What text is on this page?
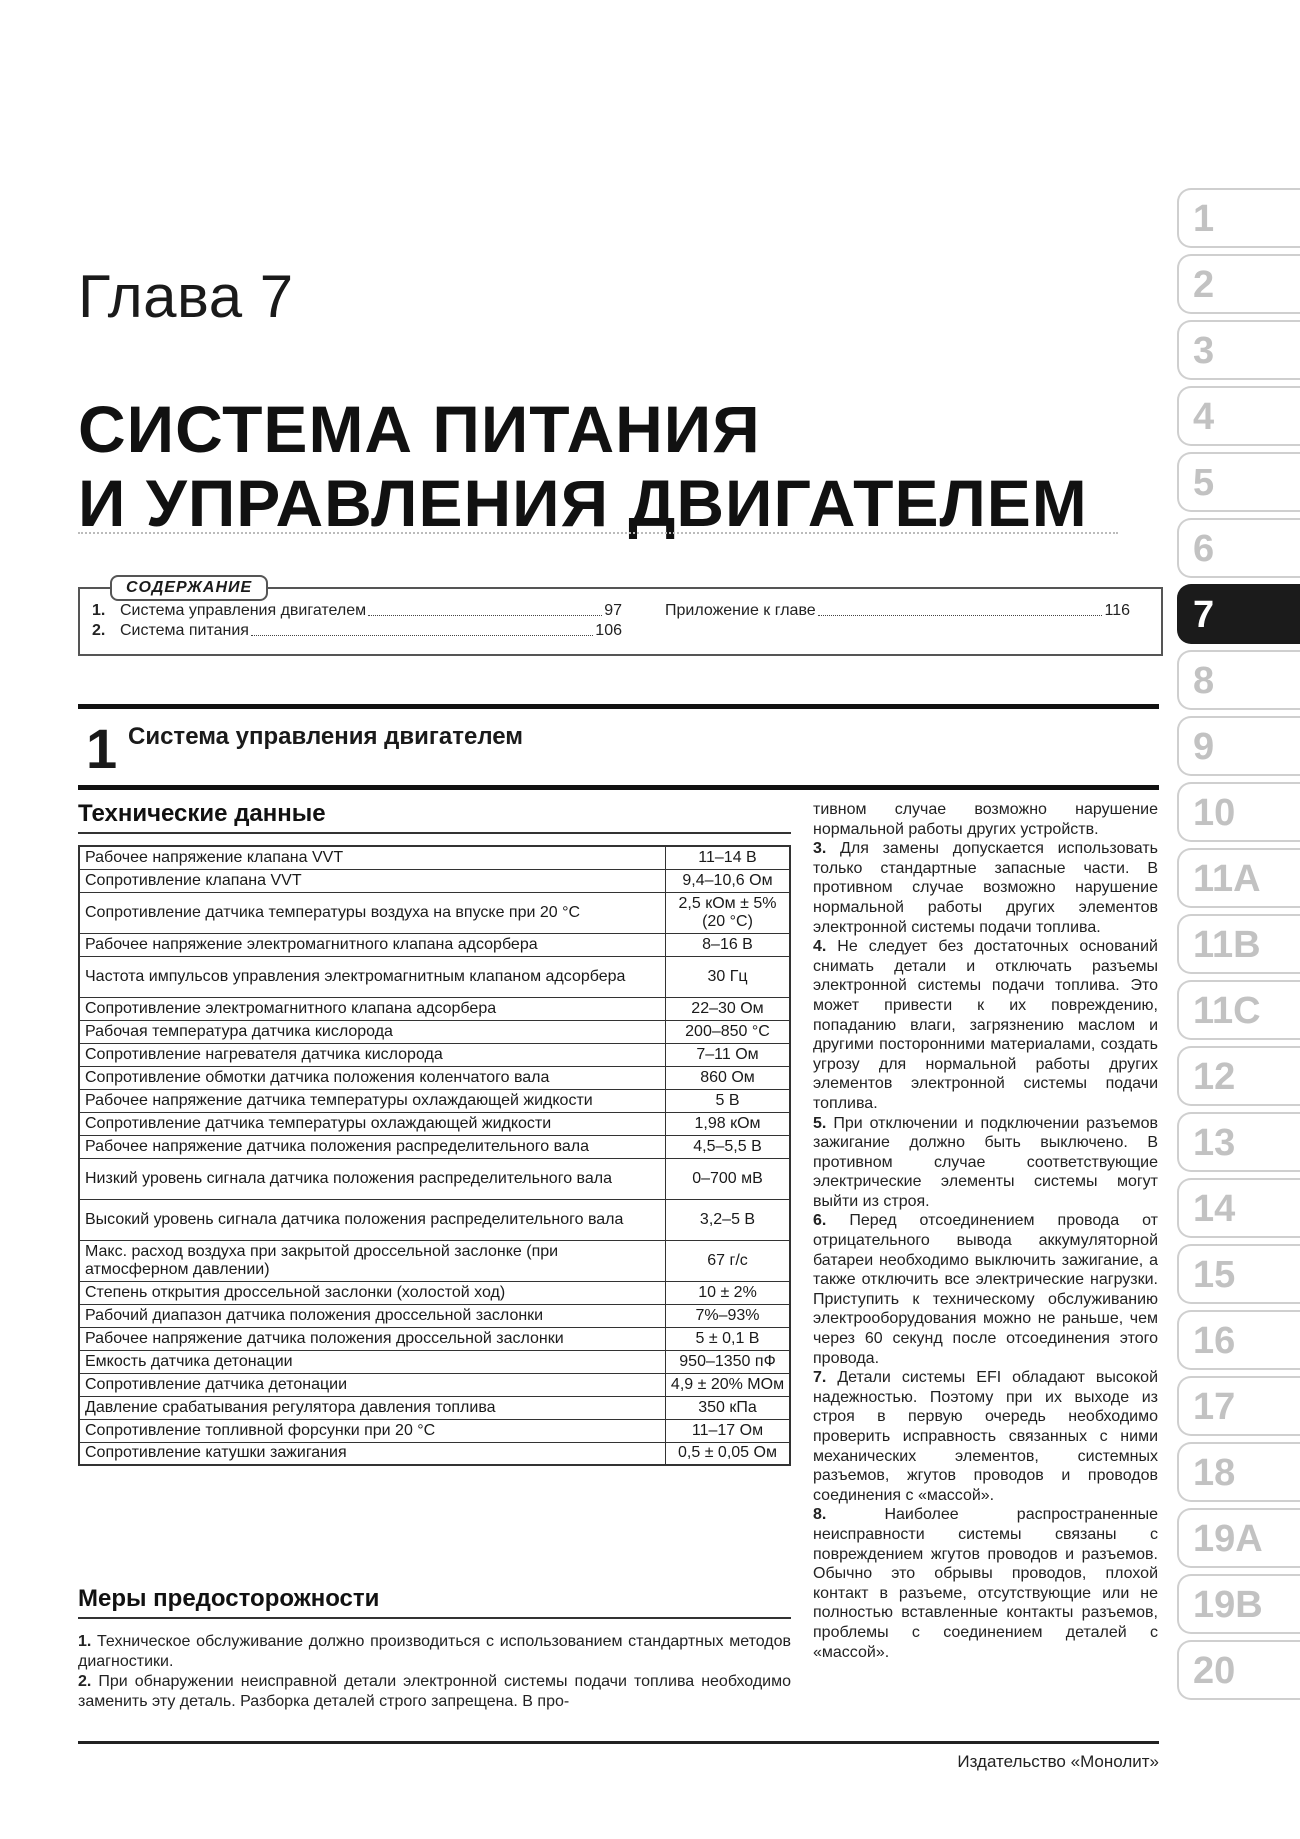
Глава 7
СИСТЕМА ПИТАНИЯ
И УПРАВЛЕНИЯ ДВИГАТЕЛЕМ
СОДЕРЖАНИЕ
1. Система управления двигателем	97
2. Система питания	106
Приложение к главе	116
1 Система управления двигателем
Технические данные
Рабочее напряжение клапана VVT	11–14 В
Сопротивление клапана VVT	9,4–10,6 Ом
Сопротивление датчика температуры воздуха на впуске при 20 °С	2,5 кОм ± 5% (20 °С)
Рабочее напряжение электромагнитного клапана адсорбера	8–16 В
Частота импульсов управления электромагнитным клапаном адсорбера	30 Гц
Сопротивление электромагнитного клапана адсорбера	22–30 Ом
Рабочая температура датчика кислорода	200–850 °С
Сопротивление нагревателя датчика кислорода	7–11 Ом
Сопротивление обмотки датчика положения коленчатого вала	860 Ом
Рабочее напряжение датчика температуры охлаждающей жидкости	5 В
Сопротивление датчика температуры охлаждающей жидкости	1,98 кОм
Рабочее напряжение датчика положения распределительного вала	4,5–5,5 В
Низкий уровень сигнала датчика положения распределительного вала	0–700 мВ
Высокий уровень сигнала датчика положения распределительного вала	3,2–5 В
Макс. расход воздуха при закрытой дроссельной заслонке (при атмосферном давлении)	67 г/с
Степень открытия дроссельной заслонки (холостой ход)	10 ± 2%
Рабочий диапазон датчика положения дроссельной заслонки	7%–93%
Рабочее напряжение датчика положения дроссельной заслонки	5 ± 0,1 В
Емкость датчика детонации	950–1350 пФ
Сопротивление датчика детонации	4,9 ± 20% МОм
Давление срабатывания регулятора давления топлива	350 кПа
Сопротивление топливной форсунки при 20 °С	11–17 Ом
Сопротивление катушки зажигания	0,5 ± 0,05 Ом
Меры предосторожности

1. Техническое обслуживание должно производиться с использованием стандартных методов диагностики.

2. При обнаружении неисправной детали электронной системы подачи топлива необходимо заменить эту деталь. Разборка деталей строго запрещена. В про-

тивном случае возможно нарушение нормальной работы других устройств.

3. Для замены допускается использовать только стандартные запасные части. В противном случае возможно нарушение нормальной работы других элементов электронной системы подачи топлива.

4. Не следует без достаточных оснований снимать детали и отключать разъемы электронной системы подачи топлива. Это может привести к их повреждению, попаданию влаги, загрязнению маслом и другими посторонними материалами, создать угрозу для нормальной работы других элементов электронной системы подачи топлива.

5. При отключении и подключении разъемов зажигание должно быть выключено. В противном случае соответствующие электрические элементы системы могут выйти из строя.

6. Перед отсоединением провода от отрицательного вывода аккумуляторной батареи необходимо выключить зажигание, а также отключить все электрические нагрузки. Приступить к техническому обслуживанию электрооборудования можно не раньше, чем через 60 секунд после отсоединения этого провода.

7. Детали системы EFI обладают высокой надежностью. Поэтому при их выходе из строя в первую очередь необходимо проверить исправность связанных с ними механических элементов, системных разъемов, жгутов проводов и проводов соединения с «массой».

8.	Наиболее распространенные неисправности системы связаны с повреждением жгутов проводов и разъемов. Обычно это обрывы проводов, плохой контакт в разъеме, отсутствующие или не полностью вставленные контакты разъемов, проблемы с соединением деталей с «массой».

Издательство «Монолит»
1
2
3
4
5
6
7
8
9
10
11A
11B
11C
12
13
14
15
16
17
18
19A
19B
20
